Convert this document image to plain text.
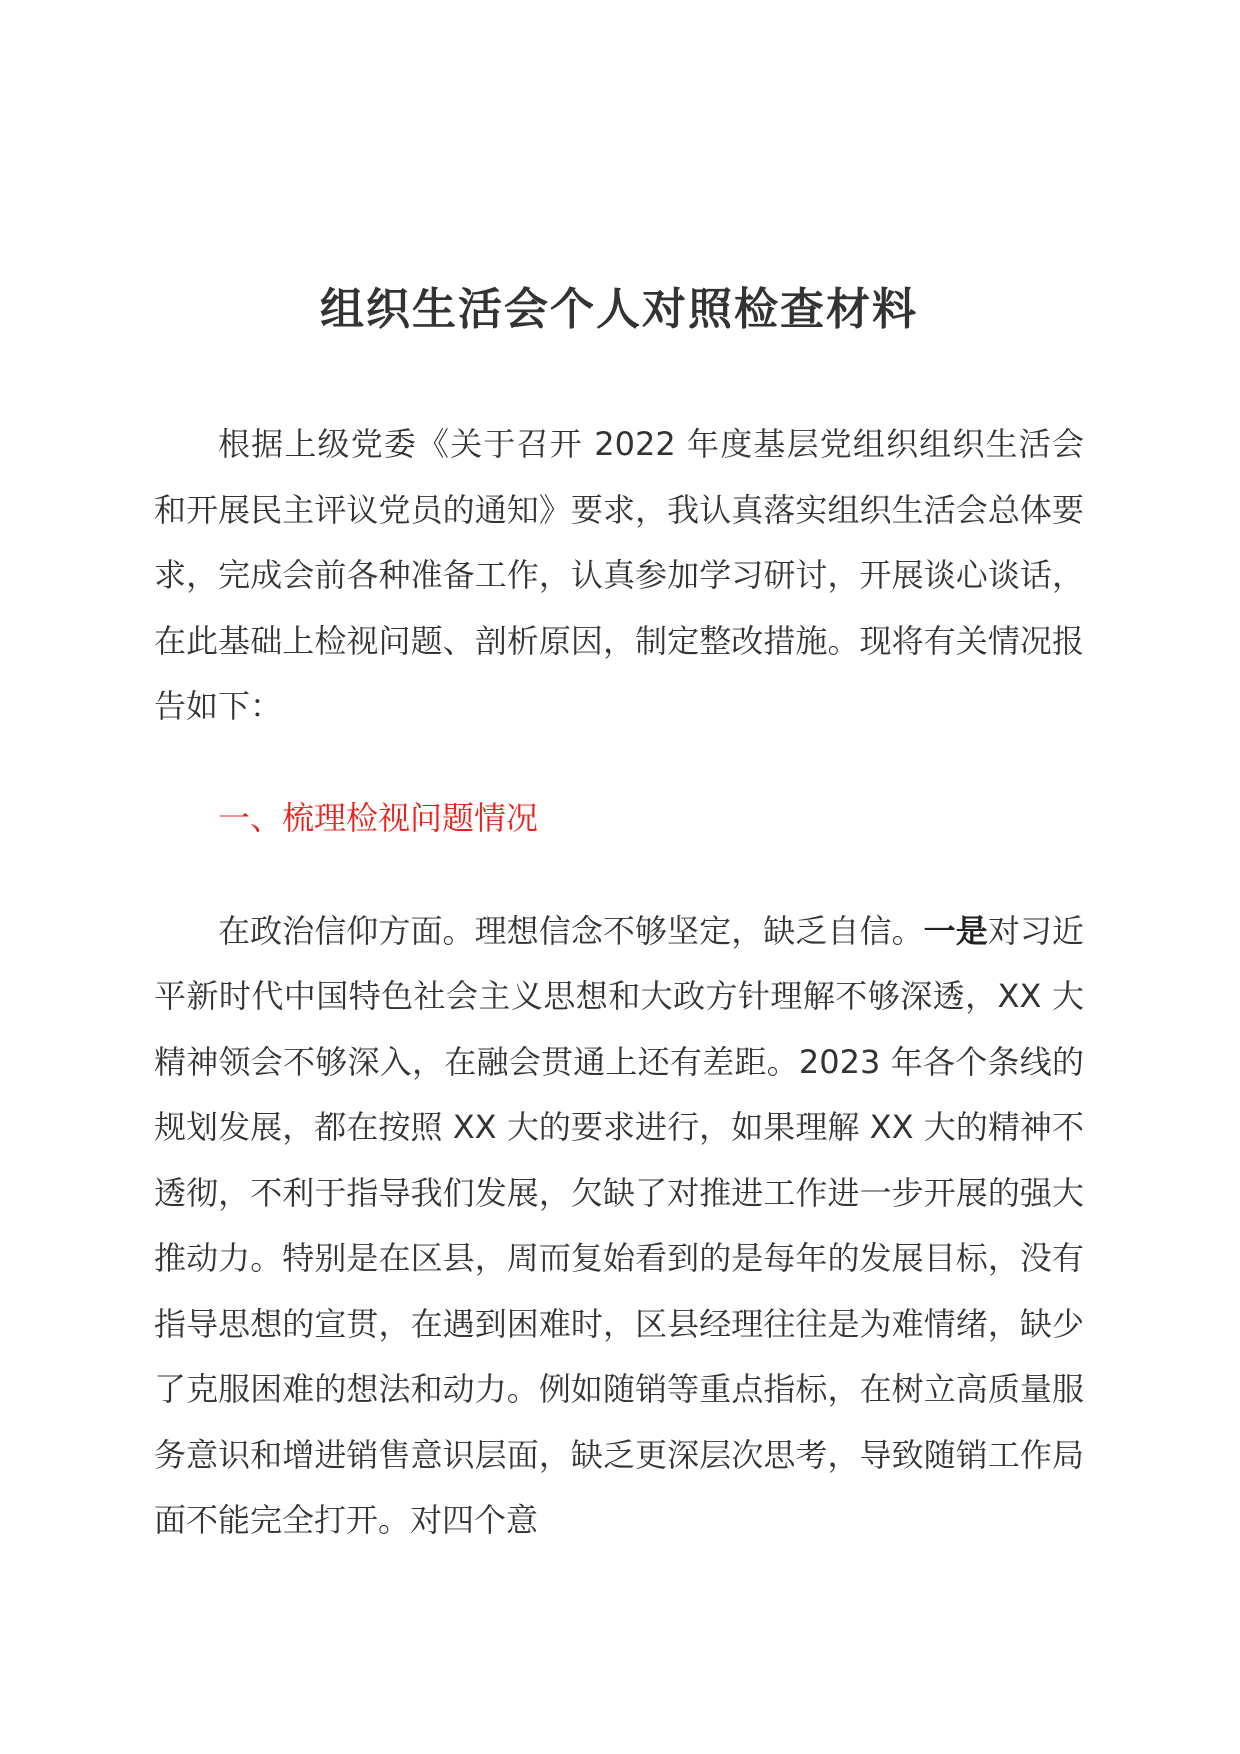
组织生活会个人对照检查材料

根据上级党委《关于召开 2022 年度基层党组织组织生活会和开展民主评议党员的通知》要求，我认真落实组织生活会总体要求，完成会前各种准备工作，认真参加学习研讨，开展谈心谈话，在此基础上检视问题、剖析原因，制定整改措施。现将有关情况报告如下：

一、梳理检视问题情况

在政治信仰方面。理想信念不够坚定，缺乏自信。一是对习近平新时代中国特色社会主义思想和大政方针理解不够深透，XX 大精神领会不够深入，在融会贯通上还有差距。2023 年各个条线的规划发展，都在按照 XX 大的要求进行，如果理解 XX 大的精神不透彻，不利于指导我们发展，欠缺了对推进工作进一步开展的强大推动力。特别是在区县，周而复始看到的是每年的发展目标，没有指导思想的宣贯，在遇到困难时，区县经理往往是为难情绪，缺少了克服困难的想法和动力。例如随销等重点指标，在树立高质量服务意识和增进销售意识层面，缺乏更深层次思考，导致随销工作局面不能完全打开。对四个意
